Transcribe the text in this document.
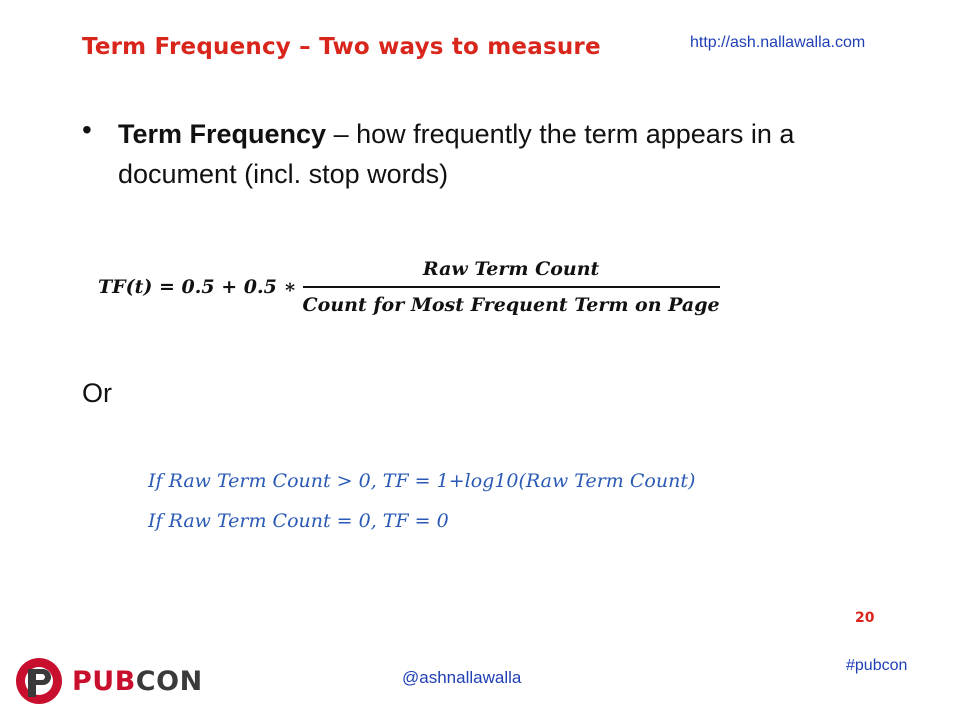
Term Frequency – Two ways to measure	http://ash.nallawalla.com
• Term Frequency – how frequently the term appears in a document (incl. stop words)
TF(t) = 0.5 + 0.5 ∗ $\frac{\text{Raw Term Count}}{\text{Count for Most Frequent Term on Page}}$
Or
If Raw Term Count > 0, TF = 1+log10(Raw Term Count)
If Raw Term Count = 0, TF = 0
20
#pubcon
@ashnallawalla
PUBCON
